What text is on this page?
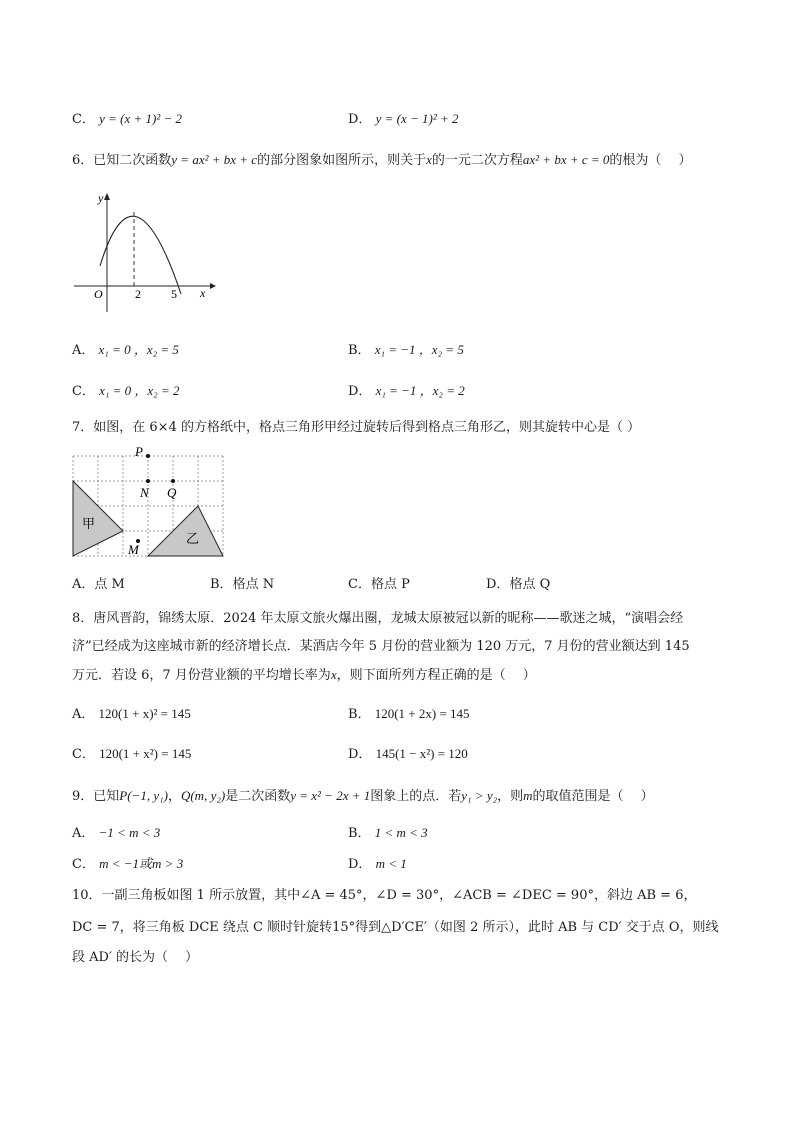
C． y = (x + 1)² − 2	D． y = (x − 1)² + 2
6．已知二次函数y = ax² + bx + c的部分图象如图所示，则关于x的一元二次方程ax² + bx + c = 0的根为（　 ）
y
x
O	2	5
A． x₁ = 0 ，x₂ = 5	B． x₁ = −1 ，x₂ = 5
C． x₁ = 0 ，x₂ = 2	D． x₁ = −1 ，x₂ = 2
7．如图，在 6×4 的方格纸中，格点三角形甲经过旋转后得到格点三角形乙，则其旋转中心是（ ）
P
N Q
M
甲
乙
A．点 M	B．格点 N	C．格点 P	D．格点 Q
8．唐风晋韵，锦绣太原．2024 年太原文旅火爆出圈，龙城太原被冠以新的昵称——歌迷之城，“演唱会经
济”已经成为这座城市新的经济增长点．某酒店今年 5 月份的营业额为 120 万元，7 月份的营业额达到 145
万元．若设 6，7 月份营业额的平均增长率为x，则下面所列方程正确的是（　 ）
A． 120(1 + x)² = 145	B． 120(1 + 2x) = 145
C． 120(1 + x²) = 145	D． 145(1 − x²) = 120
9．已知P(−1, y₁)，Q(m, y₂)是二次函数y = x² − 2x + 1图象上的点．若y₁ > y₂，则m的取值范围是（　 ）
A． −1 < m < 3	B． 1 < m < 3
C． m < −1或m > 3	D． m < 1
10．一副三角板如图 1 所示放置，其中∠A = 45°，∠D = 30°，∠ACB = ∠DEC = 90°，斜边 AB = 6，
DC = 7，将三角板 DCE 绕点 C 顺时针旋转15°得到△D′CE′（如图 2 所示），此时 AB 与 CD′ 交于点 O，则线
段 AD′ 的长为（　 ）
